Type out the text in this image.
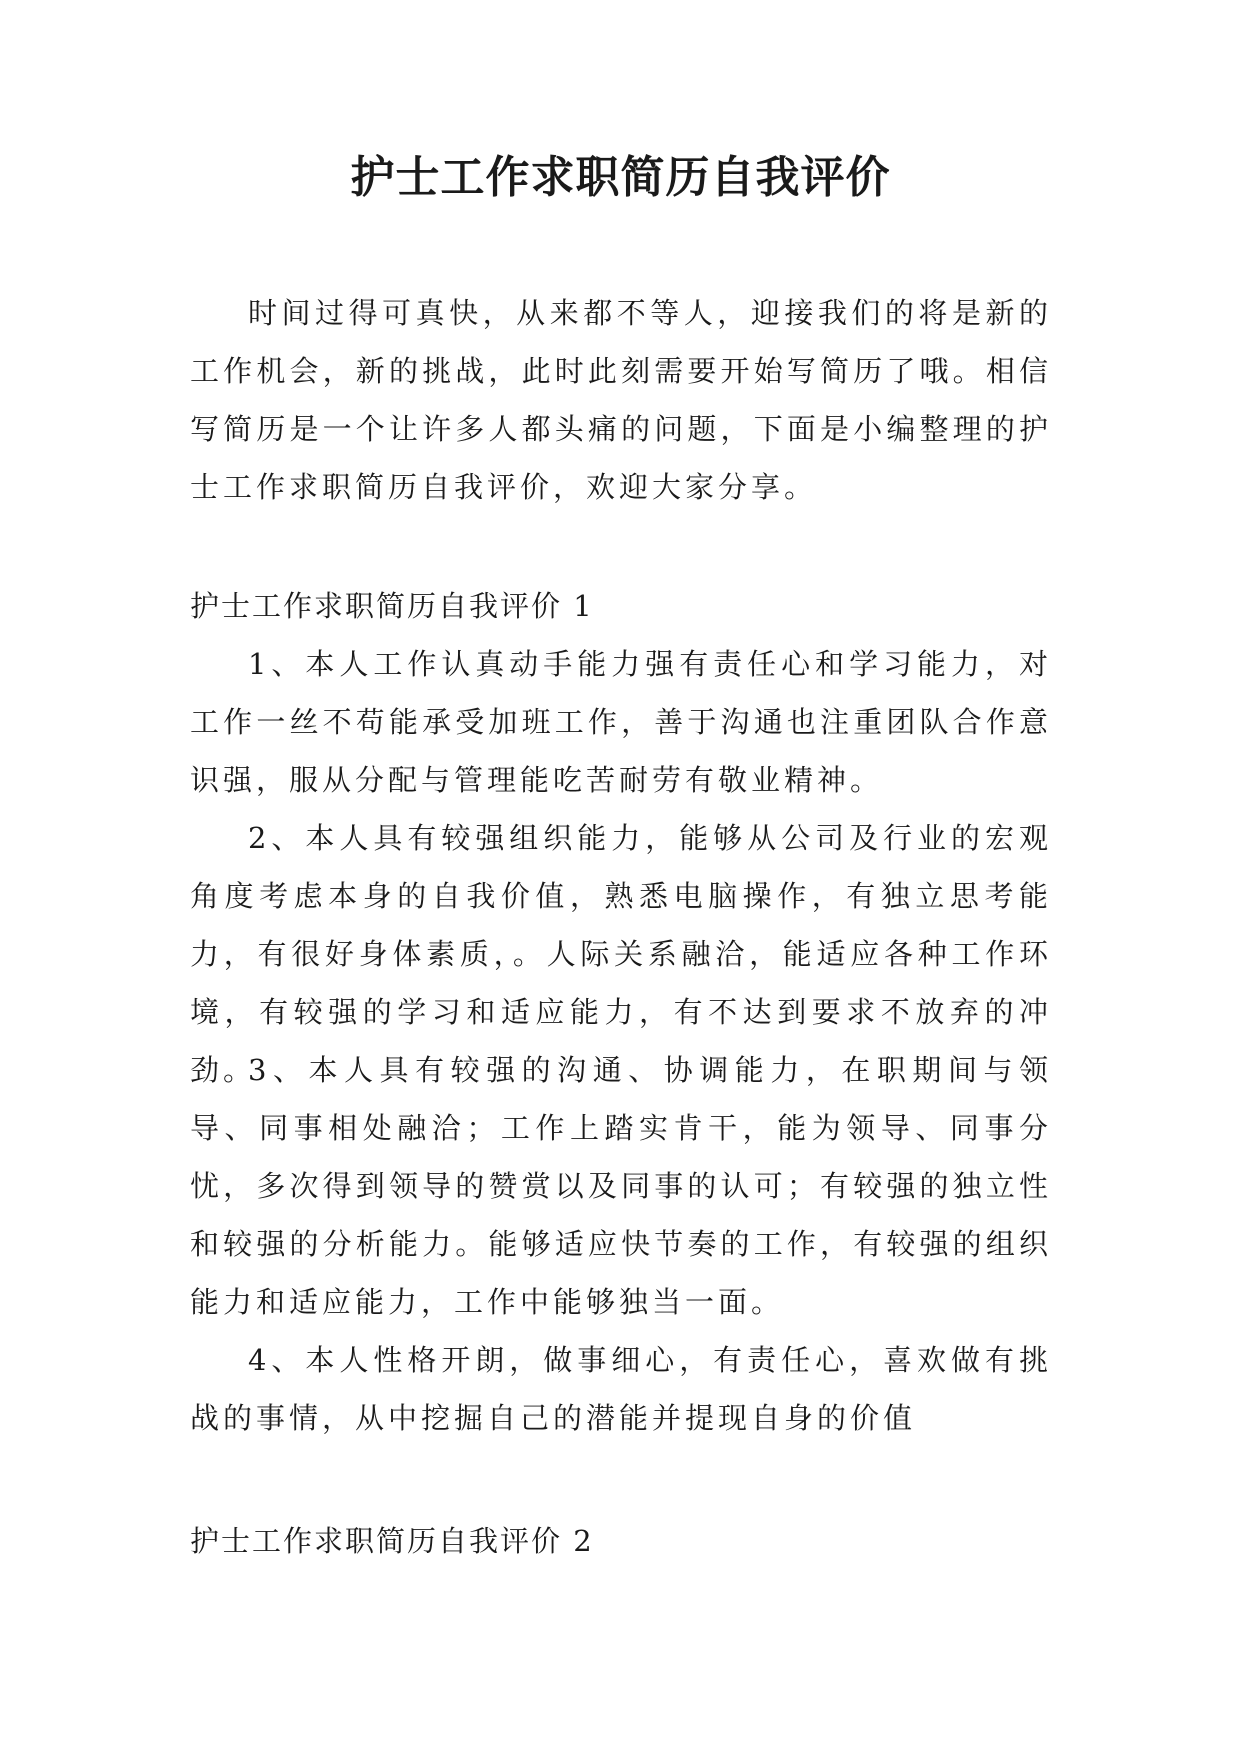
护士工作求职简历自我评价

时间过得可真快，从来都不等人，迎接我们的将是新的工作机会，新的挑战，此时此刻需要开始写简历了哦。相信写简历是一个让许多人都头痛的问题，下面是小编整理的护士工作求职简历自我评价，欢迎大家分享。

护士工作求职简历自我评价 1

1、本人工作认真动手能力强有责任心和学习能力，对工作一丝不苟能承受加班工作，善于沟通也注重团队合作意识强，服从分配与管理能吃苦耐劳有敬业精神。

2、本人具有较强组织能力，能够从公司及行业的宏观角度考虑本身的自我价值，熟悉电脑操作，有独立思考能力，有很好身体素质，。人际关系融洽，能适应各种工作环境，有较强的学习和适应能力，有不达到要求不放弃的冲劲。

3、本人具有较强的沟通、协调能力，在职期间与领导、同事相处融洽；工作上踏实肯干，能为领导、同事分忧，多次得到领导的赞赏以及同事的认可；有较强的独立性和较强的分析能力。能够适应快节奏的工作，有较强的组织能力和适应能力，工作中能够独当一面。

4、本人性格开朗，做事细心，有责任心，喜欢做有挑战的事情，从中挖掘自己的潜能并提现自身的价值

护士工作求职简历自我评价 2
